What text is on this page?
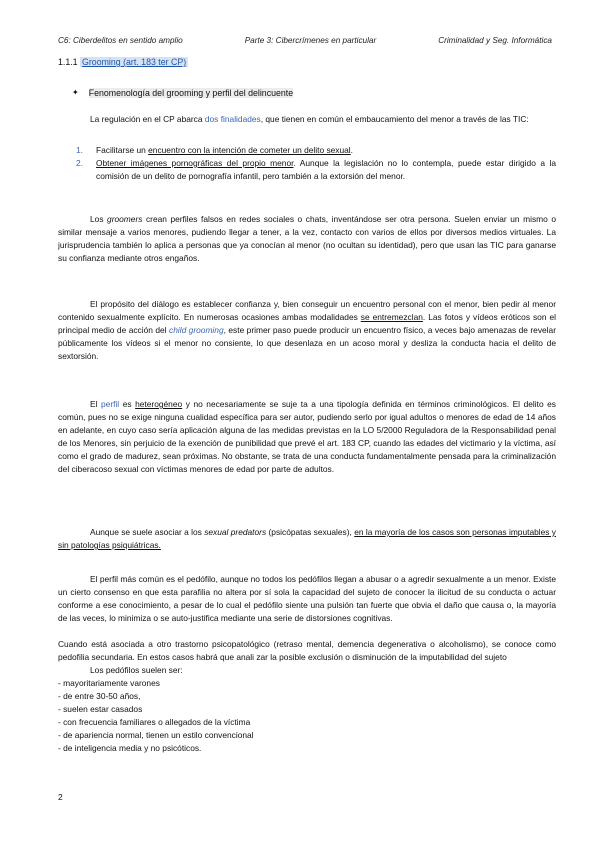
C6: Ciberdelitos en sentido amplio	Parte 3: Cibercrímenes en particular	Criminalidad y Seg. Informática
1.1.1 Grooming (art. 183 ter CP)
✦ Fenomenología del grooming y perfil del delincuente
La regulación en el CP abarca dos finalidades, que tienen en común el embaucamiento del menor a través de las TIC:
1.	Facilitarse un encuentro con la intención de cometer un delito sexual.
2.	Obtener imágenes pornográficas del propio menor. Aunque la legislación no lo contempla, puede estar dirigido a la comisión de un delito de pornografía infantil, pero también a la extorsión del menor.
Los groomers crean perfiles falsos en redes sociales o chats, inventándose ser otra persona. Suelen enviar un mismo o similar mensaje a varios menores, pudiendo llegar a tener, a la vez, contacto con varios de ellos por diversos medios virtuales. La jurisprudencia también lo aplica a personas que ya conocían al menor (no ocultan su identidad), pero que usan las TIC para ganarse su confianza mediante otros engaños.
El propósito del diálogo es establecer confianza y, bien conseguir un encuentro personal con el menor, bien pedir al menor contenido sexualmente explícito. En numerosas ocasiones ambas modalidades se entremezclan. Las fotos y vídeos eróticos son el principal medio de acción del child grooming, este primer paso puede producir un encuentro físico, a veces bajo amenazas de revelar públicamente los vídeos si el menor no consiente, lo que desenlaza en un acoso moral y desliza la conducta hacia el delito de sextorsión.
El perfil es heterogéneo y no necesariamente se suje ta a una tipología definida en términos criminológicos. El delito es común, pues no se exige ninguna cualidad específica para ser autor, pudiendo serlo por igual adultos o menores de edad de 14 años en adelante, en cuyo caso sería aplicación alguna de las medidas previstas en la LO 5/2000 Reguladora de la Responsabilidad penal de los Menores, sin perjuicio de la exención de punibilidad que prevé el art. 183 CP, cuando las edades del victimario y la víctima, así como el grado de madurez, sean próximas. No obstante, se trata de una conducta fundamentalmente pensada para la criminalización del ciberacoso sexual con víctimas menores de edad por parte de adultos.
Aunque se suele asociar a los sexual predators (psicópatas sexuales), en la mayoría de los casos son personas imputables y sin patologías psiquiátricas.
El perfil más común es el pedófilo, aunque no todos los pedófilos llegan a abusar o a agredir sexualmente a un menor. Existe un cierto consenso en que esta parafilia no altera por sí sola la capacidad del sujeto de conocer la ilicitud de su conducta o actuar conforme a ese conocimiento, a pesar de lo cual el pedófilo siente una pulsión tan fuerte que obvia el daño que causa o, la mayoría de las veces, lo minimiza o se auto-justifica mediante una serie de distorsiones cognitivas.
Cuando está asociada a otro trastorno psicopatológico (retraso mental, demencia degenerativa o alcoholismo), se conoce como pedofilia secundaria. En estos casos habrá que anali zar la posible exclusión o disminución de la imputabilidad del sujeto
Los pedófilos suelen ser:
- mayoritariamente varones
- de entre 30-50 años,
- suelen estar casados
- con frecuencia familiares o allegados de la víctima
- de apariencia normal, tienen un estilo convencional
- de inteligencia media y no psicóticos.
2
